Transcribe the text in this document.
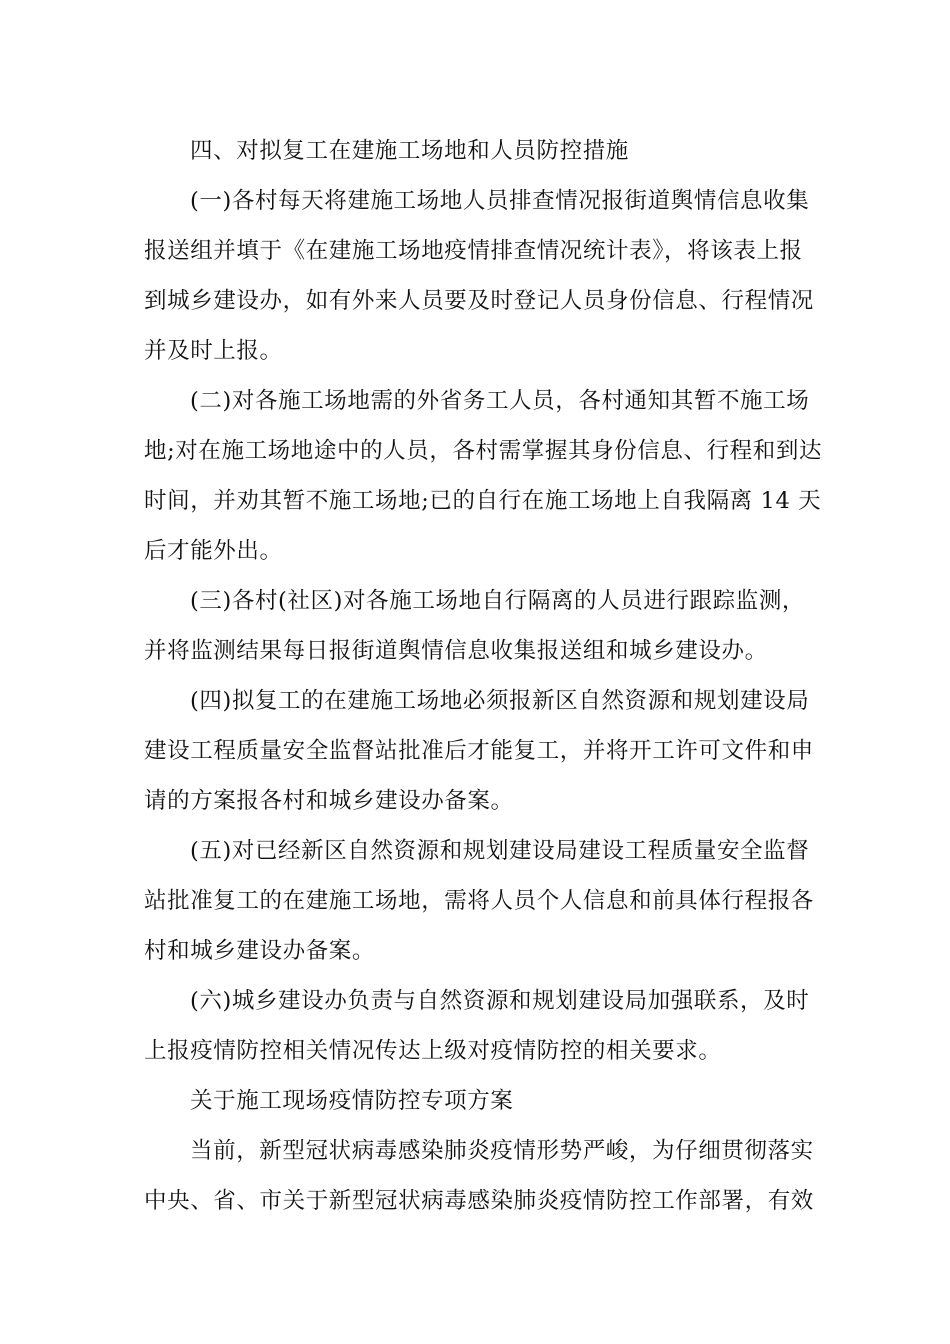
四、对拟复工在建施工场地和人员防控措施
(一)各村每天将建施工场地人员排查情况报街道舆情信息收集
报送组并填于《在建施工场地疫情排查情况统计表》，将该表上报
到城乡建设办，如有外来人员要及时登记人员身份信息、行程情况
并及时上报。
(二)对各施工场地需的外省务工人员，各村通知其暂不施工场
地;对在施工场地途中的人员，各村需掌握其身份信息、行程和到达
时间，并劝其暂不施工场地;已的自行在施工场地上自我隔离 14 天
后才能外出。
(三)各村(社区)对各施工场地自行隔离的人员进行跟踪监测，
并将监测结果每日报街道舆情信息收集报送组和城乡建设办。
(四)拟复工的在建施工场地必须报新区自然资源和规划建设局
建设工程质量安全监督站批准后才能复工，并将开工许可文件和申
请的方案报各村和城乡建设办备案。
(五)对已经新区自然资源和规划建设局建设工程质量安全监督
站批准复工的在建施工场地，需将人员个人信息和前具体行程报各
村和城乡建设办备案。
(六)城乡建设办负责与自然资源和规划建设局加强联系，及时
上报疫情防控相关情况传达上级对疫情防控的相关要求。
关于施工现场疫情防控专项方案
当前，新型冠状病毒感染肺炎疫情形势严峻，为仔细贯彻落实
中央、省、市关于新型冠状病毒感染肺炎疫情防控工作部署，有效
